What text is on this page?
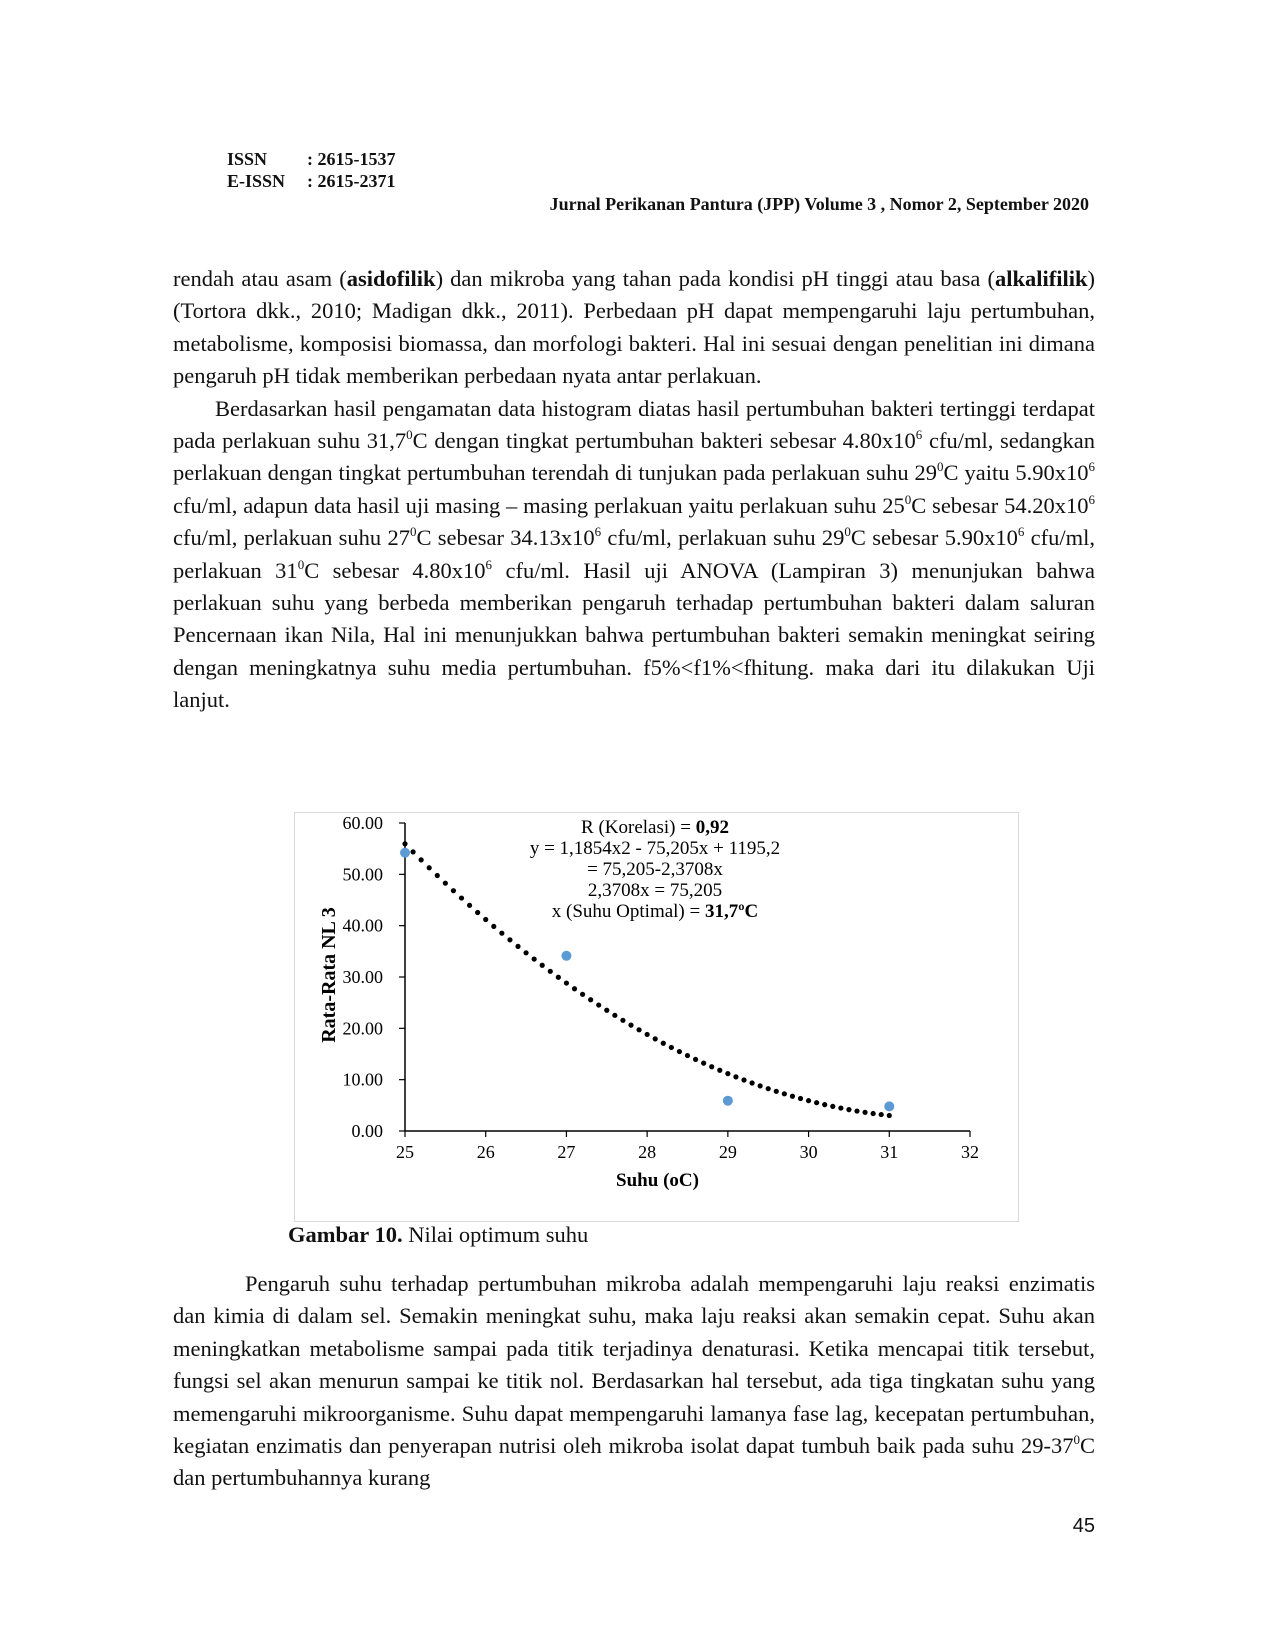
ISSN	: 2615-1537
E-ISSN	: 2615-2371
Jurnal Perikanan Pantura (JPP) Volume 3 , Nomor 2, September 2020

rendah atau asam (asidofilik) dan mikroba yang tahan pada kondisi pH tinggi atau basa (alkalifilik) (Tortora dkk., 2010; Madigan dkk., 2011). Perbedaan pH dapat mempengaruhi laju pertumbuhan, metabolisme, komposisi biomassa, dan morfologi bakteri. Hal ini sesuai dengan penelitian ini dimana pengaruh pH tidak memberikan perbedaan nyata antar perlakuan.

Berdasarkan hasil pengamatan data histogram diatas hasil pertumbuhan bakteri tertinggi terdapat pada perlakuan suhu 31,7$^0$C dengan tingkat pertumbuhan bakteri sebesar $4.80x10^6$ cfu/ml, sedangkan perlakuan dengan tingkat pertumbuhan terendah di tunjukan pada perlakuan suhu $29^0C$ yaitu $5.90x10^6$ cfu/ml, adapun data hasil uji masing – masing perlakuan yaitu perlakuan suhu $25^0C$ sebesar $54.20x10^6$ cfu/ml, perlakuan suhu $27^0C$ sebesar $34.13x10^6$ cfu/ml, perlakuan suhu $29^0C$ sebesar $5.90x10^6$ cfu/ml, perlakuan $31^0C$ sebesar $4.80x10^6$ cfu/ml. Hasil uji ANOVA (Lampiran 3) menunjukan bahwa perlakuan suhu yang berbeda memberikan pengaruh terhadap pertumbuhan bakteri dalam saluran Pencernaan ikan Nila, Hal ini menunjukkan bahwa pertumbuhan bakteri semakin meningkat seiring dengan meningkatnya suhu media pertumbuhan. f5%<f1%<fhitung. maka dari itu dilakukan Uji lanjut.

0.00
10.00
20.00
30.00
40.00
50.00
60.00
25	26	27	28	29	30	31	32
Suhu (oC)
Rata-Rata NL 3
R (Korelasi) = 0,92
y = 1,1854x2 - 75,205x + 1195,2
= 75,205-2,3708x
2,3708x = 75,205
x (Suhu Optimal) = 31,7ºC
Gambar 10. Nilai optimum suhu

Pengaruh suhu terhadap pertumbuhan mikroba adalah mempengaruhi laju reaksi enzimatis dan kimia di dalam sel. Semakin meningkat suhu, maka laju reaksi akan semakin cepat. Suhu akan meningkatkan metabolisme sampai pada titik terjadinya denaturasi. Ketika mencapai titik tersebut, fungsi sel akan menurun sampai ke titik nol. Berdasarkan hal tersebut, ada tiga tingkatan suhu yang memengaruhi mikroorganisme. Suhu dapat mempengaruhi lamanya fase lag, kecepatan pertumbuhan, kegiatan enzimatis dan penyerapan nutrisi oleh mikroba isolat dapat tumbuh baik pada suhu $29-37^0C$ dan pertumbuhannya kurang

45
